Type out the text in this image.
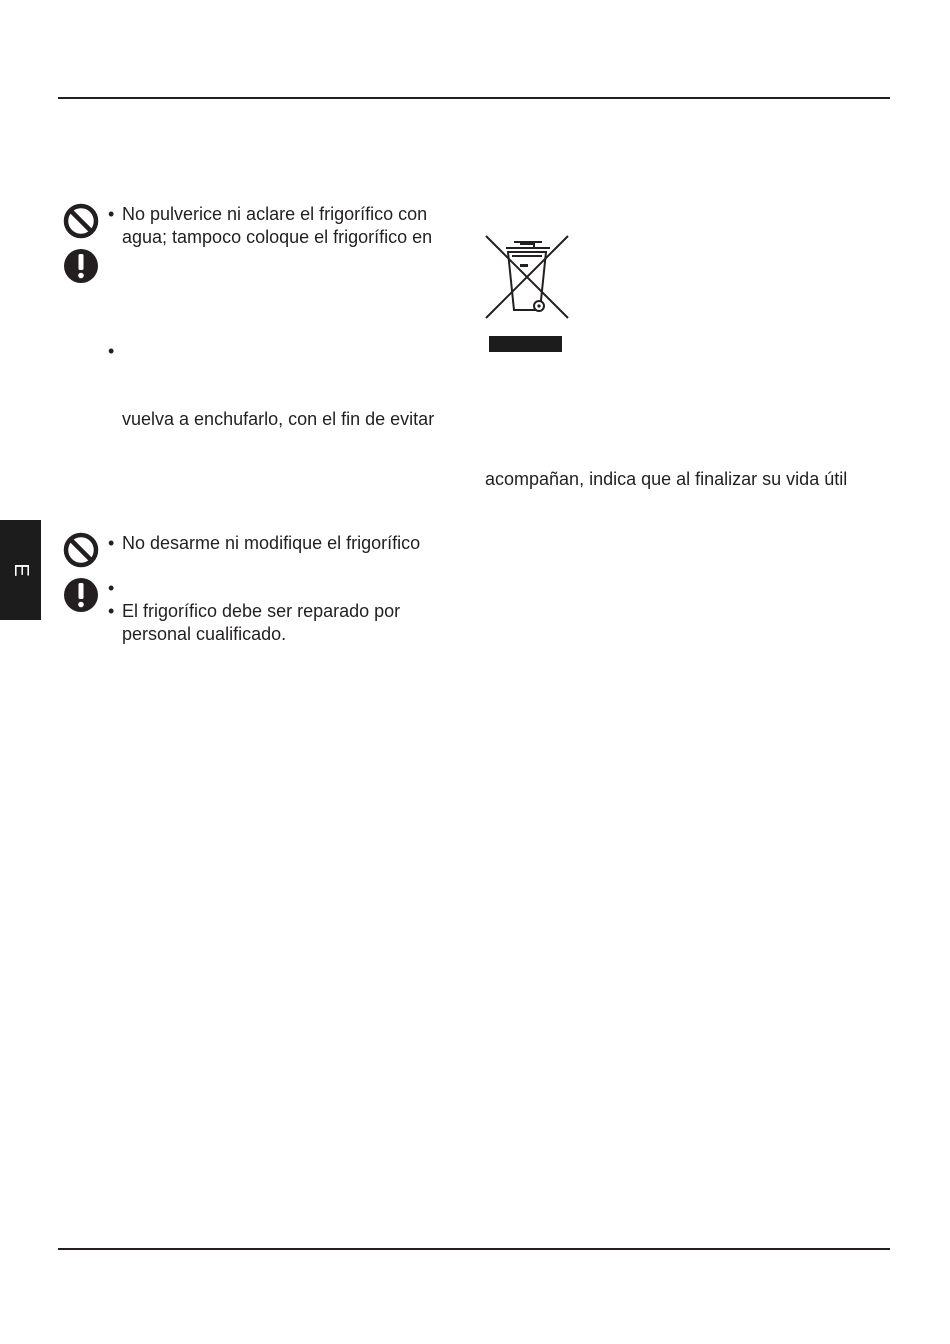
E
• No pulverice ni aclare el frigorífico con agua; tampoco coloque el frigorífico en
•
vuelva a enchufarlo, con el fin de evitar
• No desarme ni modifique el frigorífico
•
• El frigorífico debe ser reparado por personal cualificado.
acompañan, indica que al finalizar su vida útil
